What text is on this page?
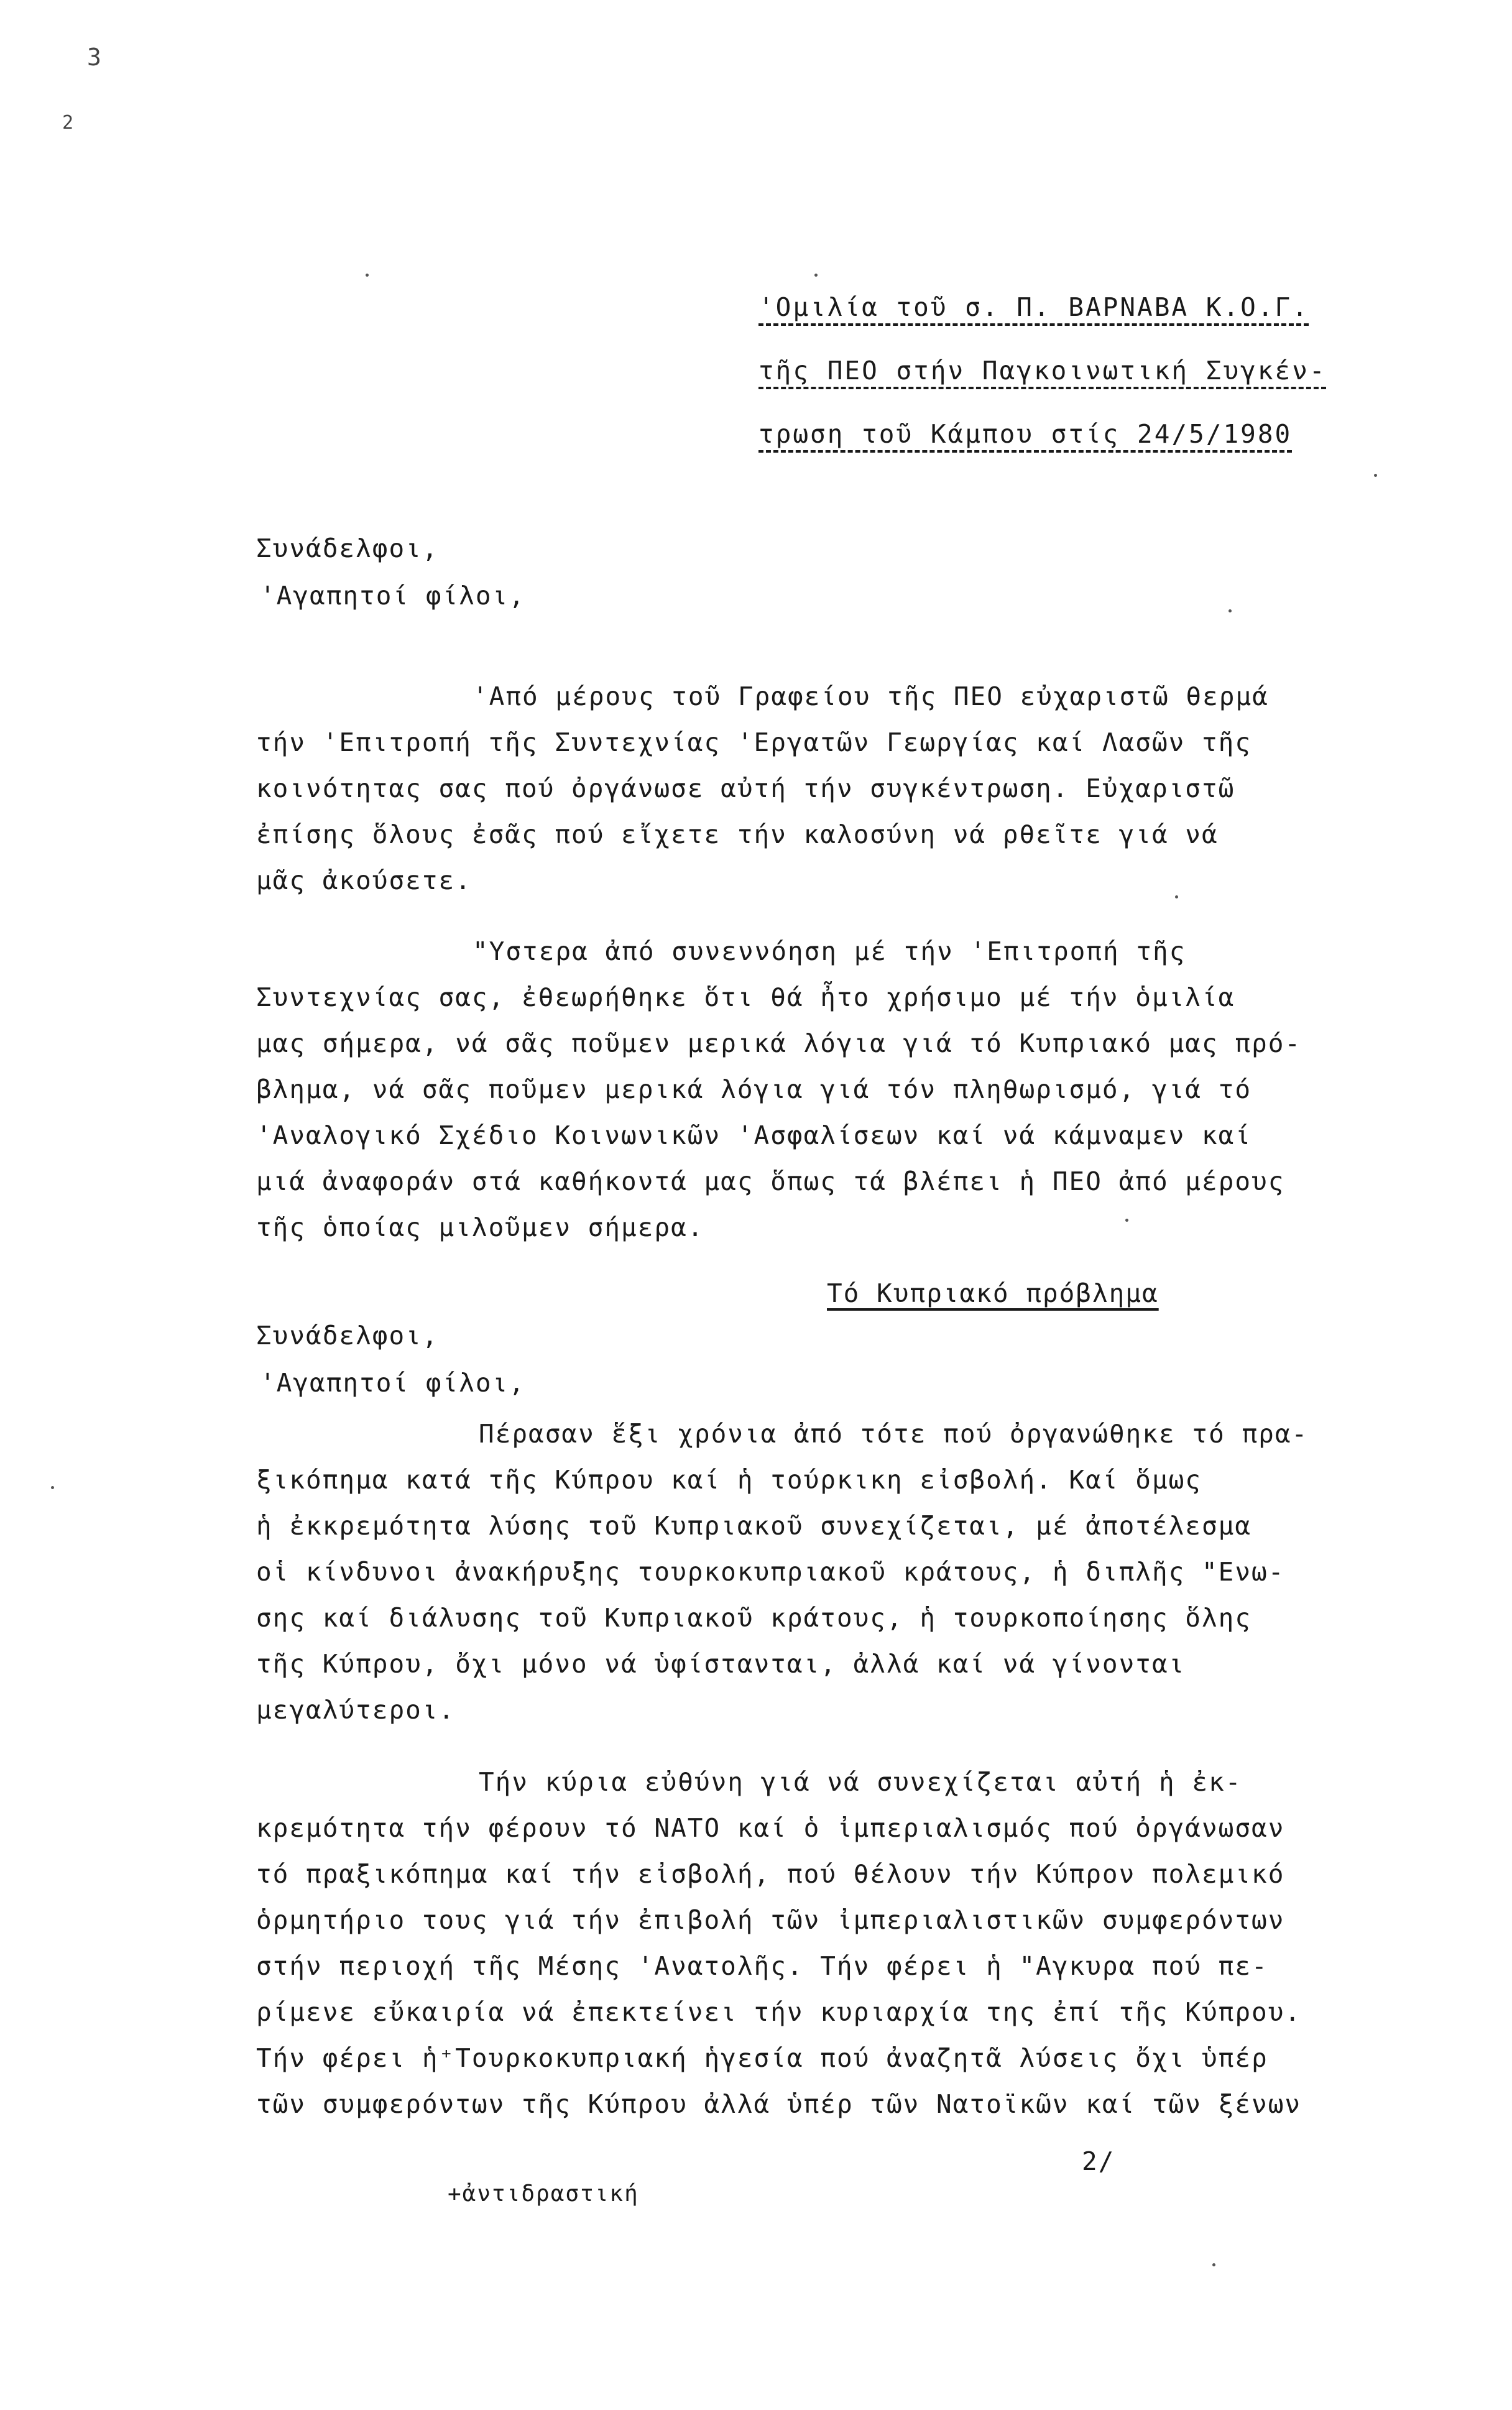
3
2
'Ομιλία τοῦ σ. Π. ΒΑΡΝΑΒΑ Κ.Ο.Γ.
τῆς ΠΕΟ στήν Παγκοινωτική Συγκέν-
τρωση τοῦ Κάμπου στίς 24/5/1980
Συνάδελφοι,
'Αγαπητοί φίλοι,
'Από μέρους τοῦ Γραφείου τῆς ΠΕΟ εὐχαριστῶ θερμά
τήν 'Επιτροπή τῆς Συντεχνίας 'Εργατῶν Γεωργίας καί Λασῶν τῆς
κοινότητας σας πού ὀργάνωσε αὐτή τήν συγκέντρωση. Εὐχαριστῶ
ἐπίσης ὅλους ἐσᾶς πού εἴχετε τήν καλοσύνη νά ρθεῖτε γιά νά
μᾶς ἀκούσετε.
"Υστερα ἀπό συνεννόηση μέ τήν 'Επιτροπή τῆς
Συντεχνίας σας, ἐθεωρήθηκε ὅτι θά ἦτο χρήσιμο μέ τήν ὁμιλία
μας σήμερα, νά σᾶς ποῦμεν μερικά λόγια γιά τό Κυπριακό μας πρό-
βλημα, νά σᾶς ποῦμεν μερικά λόγια γιά τόν πληθωρισμό, γιά τό
'Αναλογικό Σχέδιο Κοινωνικῶν 'Ασφαλίσεων καί νά κάμναμεν καί
μιά ἀναφοράν στά καθήκοντά μας ὅπως τά βλέπει ἡ ΠΕΟ ἀπό μέρους
τῆς ὁποίας μιλοῦμεν σήμερα.
Τό Κυπριακό πρόβλημα
Συνάδελφοι,
'Αγαπητοί φίλοι,
Πέρασαν ἕξι χρόνια ἀπό τότε πού ὀργανώθηκε τό πρα-
ξικόπημα κατά τῆς Κύπρου καί ἡ τούρκικη εἰσβολή. Καί ὅμως
ἡ ἐκκρεμότητα λύσης τοῦ Κυπριακοῦ συνεχίζεται, μέ ἀποτέλεσμα
οἱ κίνδυνοι ἀνακήρυξης τουρκοκυπριακοῦ κράτους, ἡ διπλῆς "Ενω-
σης καί διάλυσης τοῦ Κυπριακοῦ κράτους, ἡ τουρκοποίησης ὅλης
τῆς Κύπρου, ὄχι μόνο νά ὑφίστανται, ἀλλά καί νά γίνονται
μεγαλύτεροι.
Τήν κύρια εὐθύνη γιά νά συνεχίζεται αὐτή ἡ ἐκ-
κρεμότητα τήν φέρουν τό ΝΑΤΟ καί ὁ ἰμπεριαλισμός πού ὀργάνωσαν
τό πραξικόπημα καί τήν εἰσβολή, πού θέλουν τήν Κύπρον πολεμικό
ὁρμητήριο τους γιά τήν ἐπιβολή τῶν ἰμπεριαλιστικῶν συμφερόντων
στήν περιοχή τῆς Μέσης 'Ανατολῆς. Τήν φέρει ἡ "Αγκυρα πού πε-
ρίμενε εὔκαιρία νά ἐπεκτείνει τήν κυριαρχία της ἐπί τῆς Κύπρου.
Τήν φέρει ἡ⁺Τουρκοκυπριακή ἡγεσία πού ἀναζητᾶ λύσεις ὄχι ὑπέρ
τῶν συμφερόντων τῆς Κύπρου ἀλλά ὑπέρ τῶν Νατοϊκῶν καί τῶν ξένων
2/
+ἀντιδραστική
